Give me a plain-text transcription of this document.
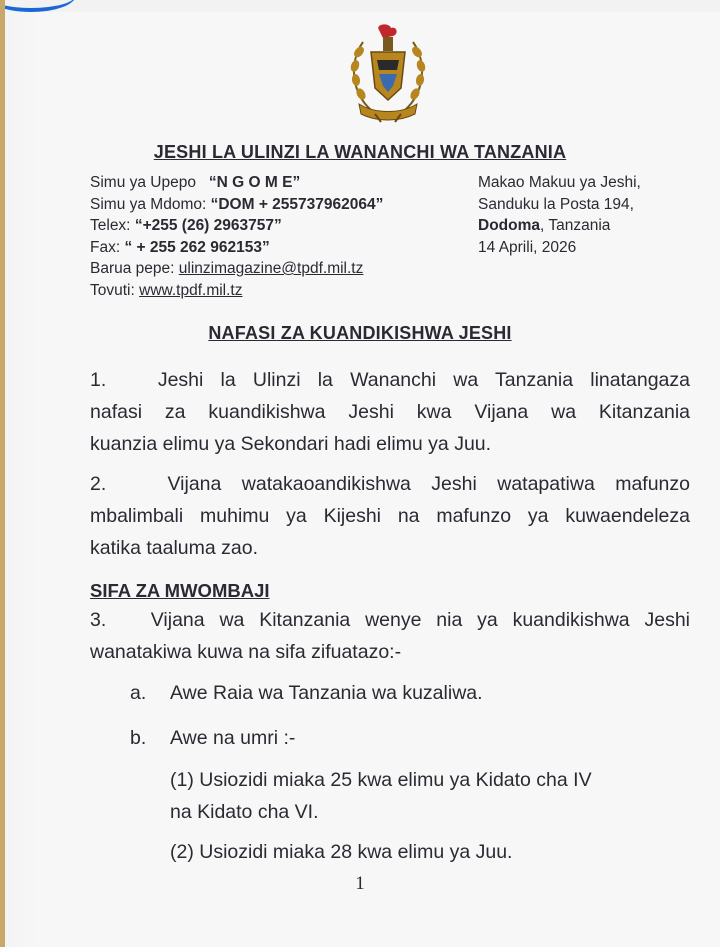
JESHI LA ULINZI LA WANANCHI WA TANZANIA
Simu ya Upepo “N G O M E”
Simu ya Mdomo: “DOM + 255737962064”
Telex: “+255 (26) 2963757”
Fax: “ + 255 262 962153”
Barua pepe: ulinzimagazine@tpdf.mil.tz
Tovuti: www.tpdf.mil.tz
Makao Makuu ya Jeshi,
Sanduku la Posta 194,
Dodoma, Tanzania
14 Aprili, 2026
NAFASI ZA KUANDIKISHWA JESHI
1.	Jeshi la Ulinzi la Wananchi wa Tanzania linatangaza
nafasi za kuandikishwa Jeshi kwa Vijana wa Kitanzania
kuanzia elimu ya Sekondari hadi elimu ya Juu.
2.	Vijana watakaoandikishwa Jeshi watapatiwa mafunzo
mbalimbali muhimu ya Kijeshi na mafunzo ya kuwaendeleza
katika taaluma zao.
SIFA ZA MWOMBAJI
3. Vijana wa Kitanzania wenye nia ya kuandikishwa Jeshi
wanatakiwa kuwa na sifa zifuatazo:-
a. Awe Raia wa Tanzania wa kuzaliwa.
b. Awe na umri :-
(1) Usiozidi miaka 25 kwa elimu ya Kidato cha IV
na Kidato cha VI.
(2) Usiozidi miaka 28 kwa elimu ya Juu.
1
